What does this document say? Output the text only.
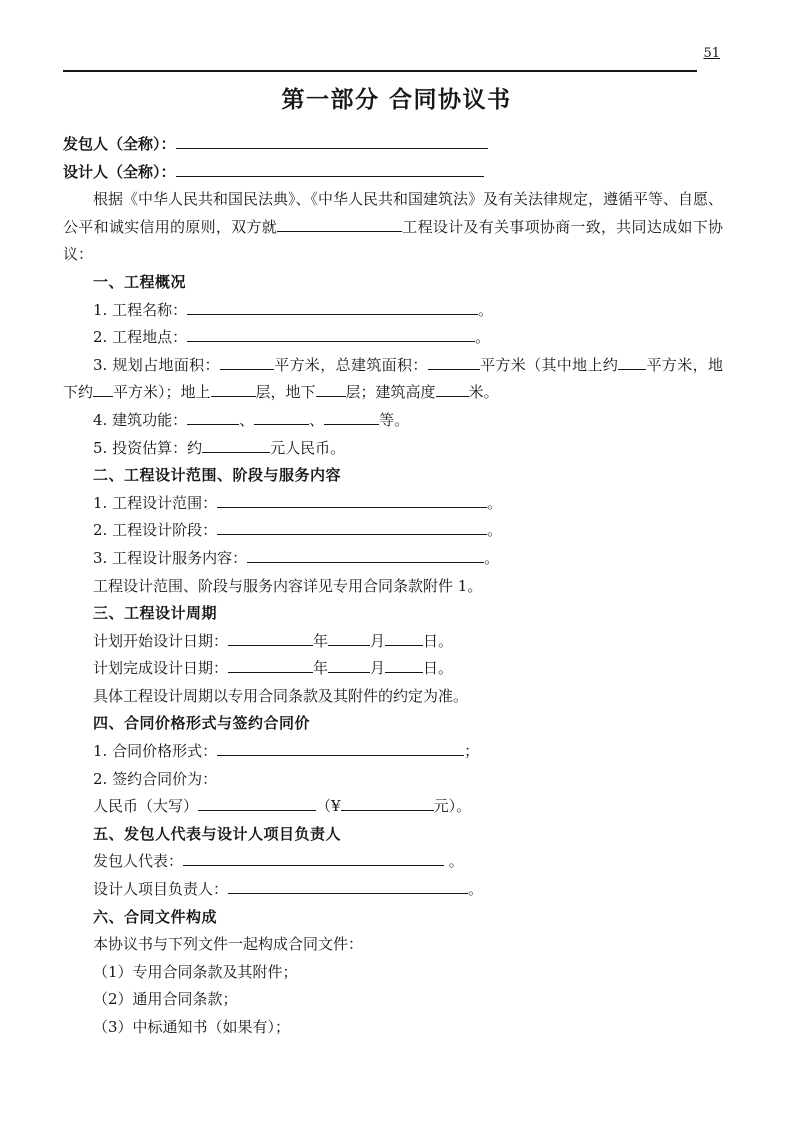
51
第一部分 合同协议书

发包人（全称）：

设计人（全称）：

根据《中华人民共和国民法典》、《中华人民共和国建筑法》及有关法律规定，遵循平等、自愿、公平和诚实信用的原则，双方就	工程设计及有关事项协商一致，共同达成如下协议：

一、工程概况

1. 工程名称：	。

2. 工程地点：	。

3. 规划占地面积：	平方米，总建筑面积：	平方米（其中地上约 平方米，地下约 平方米）；地上	层，地下 层；建筑高度 米。

4. 建筑功能：	、	、	等。

5. 投资估算：约	元人民币。

二、工程设计范围、阶段与服务内容

1. 工程设计范围：	。

2. 工程设计阶段：	。

3. 工程设计服务内容：	。

工程设计范围、阶段与服务内容详见专用合同条款附件 1。

三、工程设计周期

计划开始设计日期：	年	月	日。

计划完成设计日期：	年	月	日。

具体工程设计周期以专用合同条款及其附件的约定为准。

四、合同价格形式与签约合同价

1. 合同价格形式：	；

2. 签约合同价为：

人民币（大写）	（¥	元）。

五、发包人代表与设计人项目负责人

发包人代表：	。

设计人项目负责人：	。

六、合同文件构成

本协议书与下列文件一起构成合同文件：

（1）专用合同条款及其附件；

（2）通用合同条款；

（3）中标通知书（如果有）；
